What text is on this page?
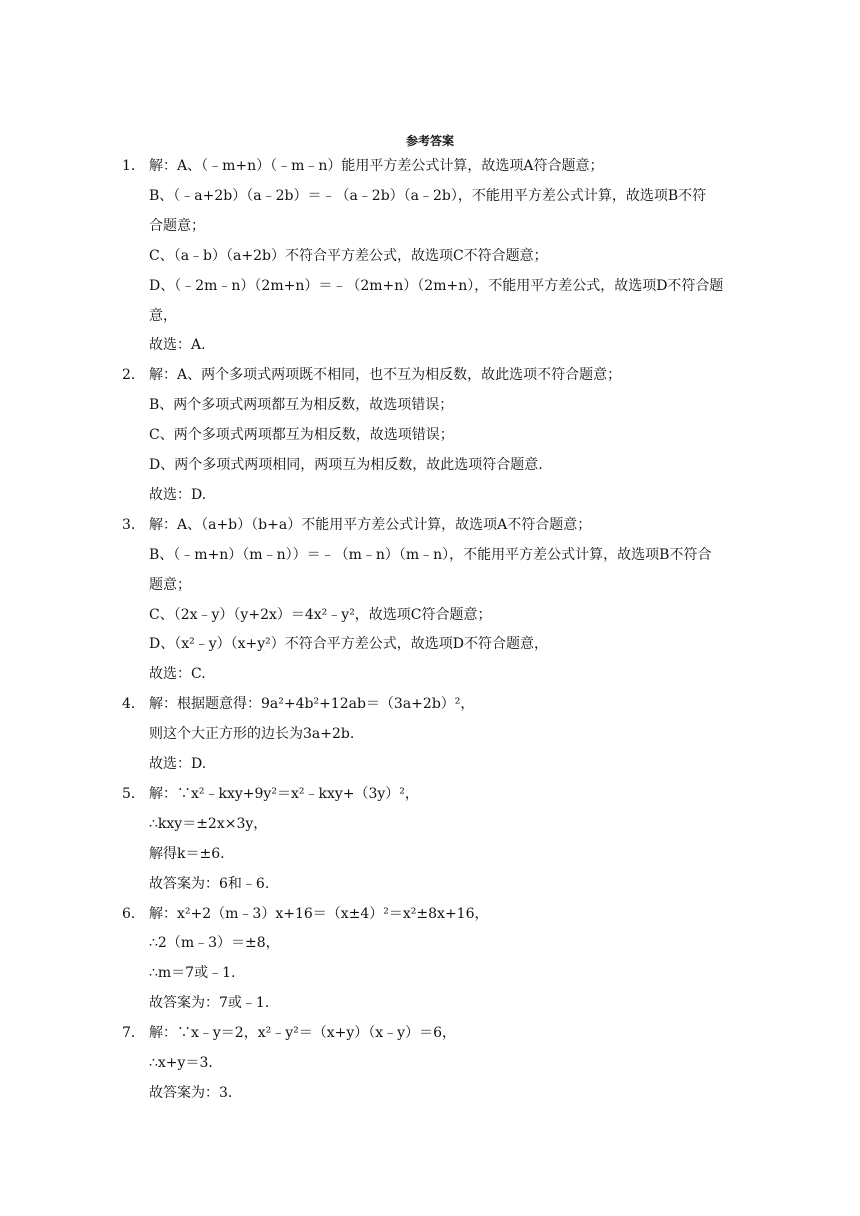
参考答案
1． 解：A、（﹣m+n）（﹣m﹣n）能用平方差公式计算，故选项A符合题意；
B、（﹣a+2b）（a﹣2b）＝﹣（a﹣2b）（a﹣2b），不能用平方差公式计算，故选项B不符
合题意；
C、（a﹣b）（a+2b）不符合平方差公式，故选项C不符合题意；
D、（﹣2m﹣n）（2m+n）＝﹣（2m+n）（2m+n），不能用平方差公式，故选项D不符合题
意，
故选：A.
2． 解：A、两个多项式两项既不相同，也不互为相反数，故此选项不符合题意；
B、两个多项式两项都互为相反数，故选项错误；
C、两个多项式两项都互为相反数，故选项错误；
D、两个多项式两项相同，两项互为相反数，故此选项符合题意.
故选：D.
3． 解：A、（a+b）（b+a）不能用平方差公式计算，故选项A不符合题意；
B、（﹣m+n）（m﹣n））＝﹣（m﹣n）（m﹣n），不能用平方差公式计算，故选项B不符合
题意；
C、（2x﹣y）（y+2x）＝4x²﹣y²，故选项C符合题意；
D、（x²﹣y）（x+y²）不符合平方差公式，故选项D不符合题意，
故选：C.
4． 解：根据题意得：9a²+4b²+12ab＝（3a+2b）²，
则这个大正方形的边长为3a+2b.
故选：D.
5． 解：∵x²﹣kxy+9y²＝x²﹣kxy+（3y）²，
∴kxy＝±2x×3y，
解得k＝±6.
故答案为：6和﹣6.
6． 解：x²+2（m﹣3）x+16＝（x±4）²＝x²±8x+16，
∴2（m﹣3）＝±8，
∴m＝7或﹣1.
故答案为：7或﹣1.
7． 解：∵x﹣y＝2，x²﹣y²＝（x+y）（x﹣y）＝6，
∴x+y＝3.
故答案为：3.
